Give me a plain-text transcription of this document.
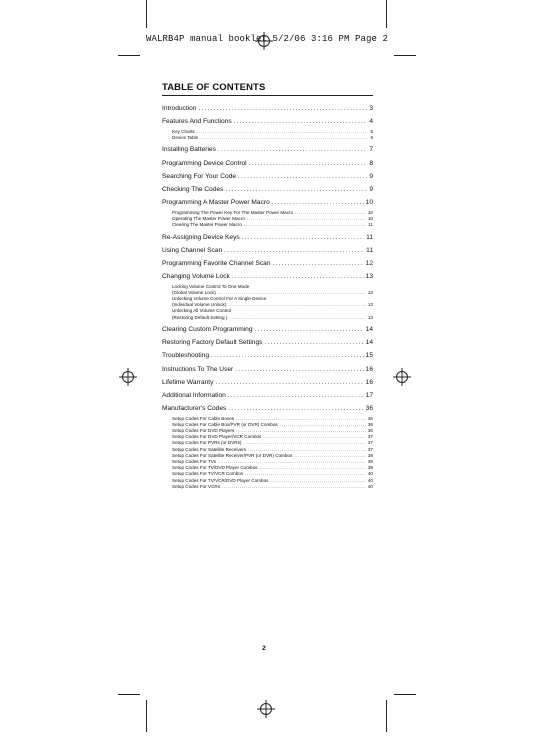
WALRB4P manual booklet 5/2/06 3:16 PM Page 2
TABLE OF CONTENTS
Introduction .....	3
Features And Functions .....	4
Key Charts .....	5
Device Table .....	6
Installing Batteries .....	7
Programming Device Control .....	8
Searching For Your Code .....	9
Checking The Codes .....	9
Programming A Master Power Macro .....	10
Programming The Power Key For The Master Power Macro .....	10
Operating The Master Power Macro .....	10
Clearing The Master Power Macro .....	11
Re-Assigning Device Keys .....	11
Using Channel Scan .....	11
Programming Favorite Channel Scan .....	12
Changing Volume Lock .....	13
Locking Volume Control To One Mode
(Global Volume Lock) .....	13
Unlocking Volume Control For A Single Device
(Individual Volume Unlock) .....	13
Unlocking All Volume Control
(Restoring Default Setting ) .....	13
Clearing Custom Programming .....	14
Restoring Factory Default Settings .....	14
Troubleshooting .....	15
Instructions To The User .....	16
Lifetime Warranty .....	16
Additional Information .....	17
Manufacturer's Codes .....	36
Setup Codes For Cable Boxes .....	36
Setup Codes For Cable Box/PVR (or DVR) Combos .....	36
Setup Codes For DVD Players .....	36
Setup Codes For DVD Player/VCR Combos .....	37
Setup Codes For PVRs (or DVRs) .....	37
Setup Codes For Satellite Receivers .....	37
Setup Codes For Satellite Receiver/PVR (or DVR) Combos .....	38
Setup Codes For TVs .....	38
Setup Codes For TV/DVD Player Combos .....	39
Setup Codes For TV/VCR Combos .....	40
Setup Codes For TV/VCR/DVD Player Combos .....	40
Setup Codes For VCRs .....	40
2
